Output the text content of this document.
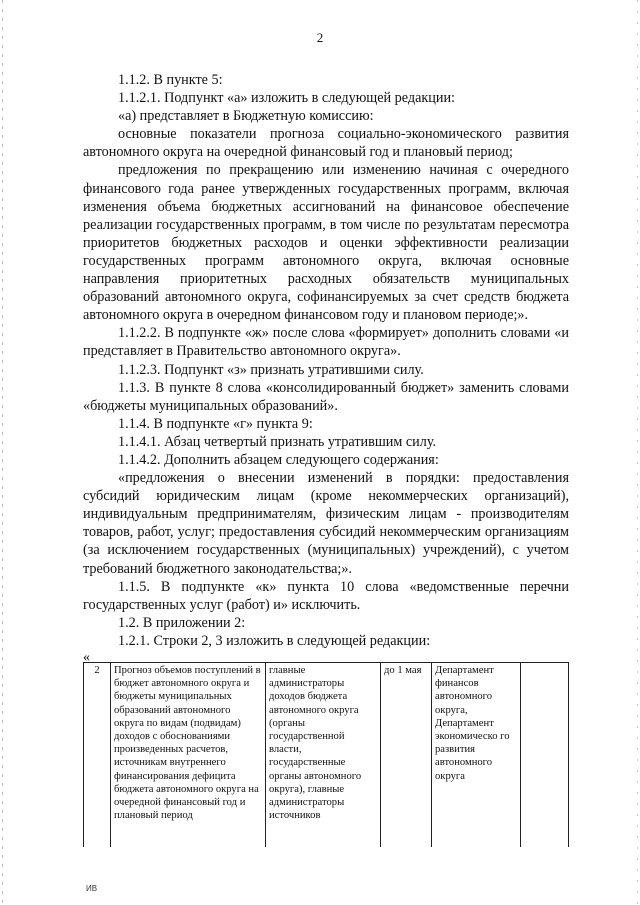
2

1.1.2. В пункте 5:

1.1.2.1. Подпункт «а» изложить в следующей редакции:

«а) представляет в Бюджетную комиссию:

основные показатели прогноза социально-экономического развития автономного округа на очередной финансовый год и плановый период;

предложения по прекращению или изменению начиная с очередного финансового года ранее утвержденных государственных программ, включая изменения объема бюджетных ассигнований на финансовое обеспечение реализации государственных программ, в том числе по результатам пересмотра приоритетов бюджетных расходов и оценки эффективности реализации государственных программ автономного округа, включая основные направления приоритетных расходных обязательств муниципальных образований автономного округа, софинансируемых за счет средств бюджета автономного округа в очередном финансовом году и плановом периоде;».

1.1.2.2. В подпункте «ж» после слова «формирует» дополнить словами «и представляет в Правительство автономного округа».

1.1.2.3. Подпункт «з» признать утратившими силу.

1.1.3. В пункте 8 слова «консолидированный бюджет» заменить словами «бюджеты муниципальных образований».

1.1.4. В подпункте «г» пункта 9:

1.1.4.1. Абзац четвертый признать утратившим силу.

1.1.4.2. Дополнить абзацем следующего содержания:

«предложения о внесении изменений в порядки: предоставления субсидий юридическим лицам (кроме некоммерческих организаций), индивидуальным предпринимателям, физическим лицам - производителям товаров, работ, услуг; предоставления субсидий некоммерческим организациям (за исключением государственных (муниципальных) учреждений), с учетом требований бюджетного законодательства;».

1.1.5. В подпункте «к» пункта 10 слова «ведомственные перечни государственных услуг (работ) и» исключить.

1.2. В приложении 2:

1.2.1. Строки 2, 3 изложить в следующей редакции:

«
2	Прогноз объемов поступлений в бюджет автономного округа и бюджеты муниципальных образований автономного округа по видам (подвидам) доходов с обоснованиями произведенных расчетов, источникам внутреннего финансирования дефицита бюджета автономного округа на очередной финансовый год и плановый период	главные администраторы доходов бюджета автономного округа (органы государственной власти, государственные органы автономного округа), главные администраторы источников	до 1 мая	Департамент финансов автономного округа, Департамент экономическо го развития автономного округа	
ИВ
